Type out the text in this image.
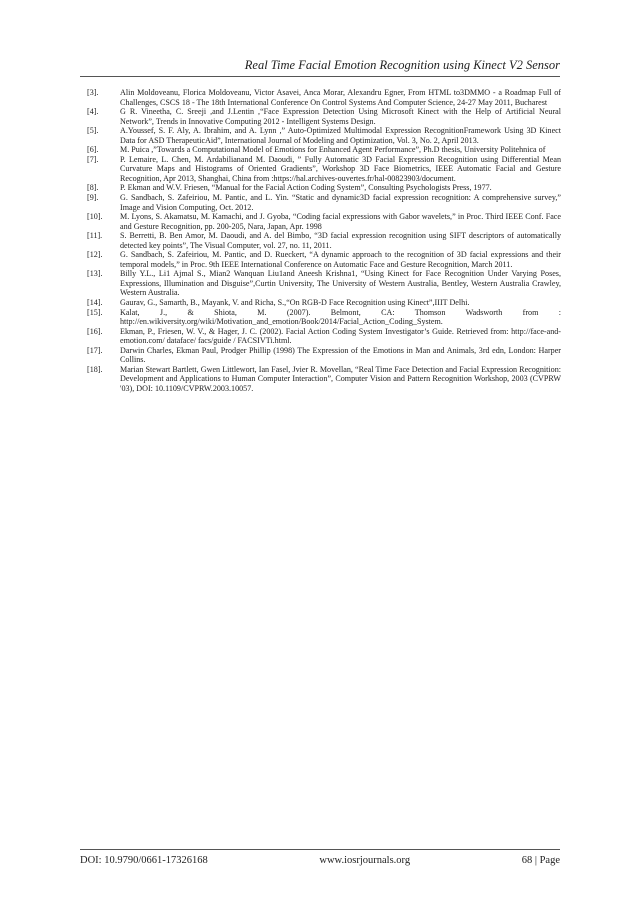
Real Time Facial Emotion Recognition using Kinect V2 Sensor
[3].	Alin Moldoveanu, Florica Moldoveanu, Victor Asavei, Anca Morar, Alexandru Egner, From HTML to3DMMO - a Roadmap Full of Challenges, CSCS 18 - The 18th International Conference On Control Systems And Computer Science, 24-27 May 2011, Bucharest
[4].	G R. Vineetha, C. Sreeji ,and J.Lentin ,“Face Expression Detection Using Microsoft Kinect with the Help of Artificial Neural Network”, Trends in Innovative Computing 2012 - Intelligent Systems Design.
[5].	A.Youssef, S. F. Aly, A. Ibrahim, and A. Lynn ,” Auto-Optimized Multimodal Expression RecognitionFramework Using 3D Kinect Data for ASD TherapeuticAid”, International Journal of Modeling and Optimization, Vol. 3, No. 2, April 2013.
[6].	M. Puica ,”Towards a Computational Model of Emotions for Enhanced Agent Performance”, Ph.D thesis, University Politehnica of
[7].	P. Lemaire, L. Chen, M. Ardabilianand M. Daoudi, ” Fully Automatic 3D Facial Expression Recognition using Differential Mean Curvature Maps and Histograms of Oriented Gradients”, Workshop 3D Face Biometrics, IEEE Automatic Facial and Gesture Recognition, Apr 2013, Shanghai, China from :https://hal.archives-ouvertes.fr/hal-00823903/document.
[8].	P. Ekman and W.V. Friesen, “Manual for the Facial Action Coding System”, Consulting Psychologists Press, 1977.
[9].	G. Sandbach, S. Zafeiriou, M. Pantic, and L. Yin. “Static and dynamic3D facial expression recognition: A comprehensive survey,” Image and Vision Computing, Oct. 2012.
[10].	M. Lyons, S. Akamatsu, M. Kamachi, and J. Gyoba, “Coding facial expressions with Gabor wavelets,” in Proc. Third IEEE Conf. Face and Gesture Recognition, pp. 200-205, Nara, Japan, Apr. 1998
[11].	S. Berretti, B. Ben Amor, M. Daoudi, and A. del Bimbo, “3D facial expression recognition using SIFT descriptors of automatically detected key points”, The Visual Computer, vol. 27, no. 11, 2011.
[12].	G. Sandbach, S. Zafeiriou, M. Pantic, and D. Rueckert, “A dynamic approach to the recognition of 3D facial expressions and their temporal models,” in Proc. 9th IEEE International Conference on Automatic Face and Gesture Recognition, March 2011.
[13].	Billy Y.L., Li1 Ajmal S., Mian2 Wanquan Liu1and Aneesh Krishna1, “Using Kinect for Face Recognition Under Varying Poses, Expressions, Illumination and Disguise”,Curtin University, The University of Western Australia, Bentley, Western Australia Crawley, Western Australia.
[14].	Gaurav, G., Samarth, B., Mayank, V. and Richa, S.,“On RGB-D Face Recognition using Kinect”,IIIT Delhi.
[15].	Kalat, J., & Shiota, M. (2007). Belmont, CA: Thomson Wadsworth from : http://en.wikiversity.org/wiki/Motivation_and_emotion/Book/2014/Facial_Action_Coding_System.
[16].	Ekman, P., Friesen, W. V., & Hager, J. C. (2002). Facial Action Coding System Investigator’s Guide. Retrieved from: http://face-and- emotion.com/ dataface/ facs/guide / FACSIVTi.html.
[17].	Darwin Charles, Ekman Paul, Prodger Phillip (1998) The Expression of the Emotions in Man and Animals, 3rd edn, London: Harper Collins.
[18].	Marian Stewart Bartlett, Gwen Littlewort, Ian Fasel, Jvier R. Movellan, “Real Time Face Detection and Facial Expression Recognition: Development and Applications to Human Computer Interaction”, Computer Vision and Pattern Recognition Workshop, 2003 (CVPRW '03), DOI: 10.1109/CVPRW.2003.10057.
DOI: 10.9790/0661-17326168	www.iosrjournals.org	68 | Page
